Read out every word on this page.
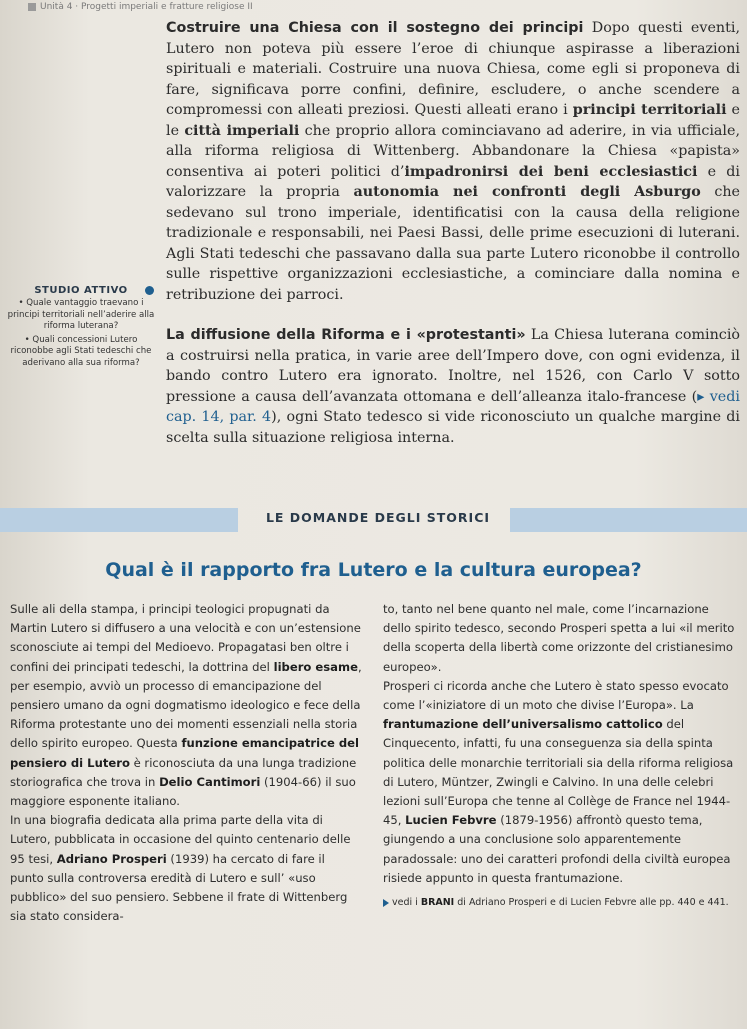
Unità 4 · Progetti imperiali e fratture religiose II

Costruire una Chiesa con il sostegno dei principi Dopo questi eventi, Lutero non poteva più essere l’eroe di chiunque aspirasse a liberazioni spirituali e materiali. Costruire una nuova Chiesa, come egli si proponeva di fare, significava porre confini, definire, escludere, o anche scendere a compromessi con alleati preziosi. Questi alleati erano i principi territoriali e le città imperiali che proprio allora cominciavano ad aderire, in via ufficiale, alla riforma religiosa di Wittenberg. Abbandonare la Chiesa «papista» consentiva ai poteri politici d’impadronirsi dei beni ecclesiastici e di valorizzare la propria autonomia nei confronti degli Asburgo che sedevano sul trono imperiale, identificatisi con la causa della religione tradizionale e responsabili, nei Paesi Bassi, delle prime esecuzioni di luterani. Agli Stati tedeschi che passavano dalla sua parte Lutero riconobbe il controllo sulle rispettive organizzazioni ecclesiastiche, a cominciare dalla nomina e retribuzione dei parroci.

La diffusione della Riforma e i «protestanti» La Chiesa luterana cominciò a costruirsi nella pratica, in varie aree dell’Impero dove, con ogni evidenza, il bando contro Lutero era ignorato. Inoltre, nel 1526, con Carlo V sotto pressione a causa dell’avanzata ottomana e dell’alleanza italo-francese (▸ vedi cap. 14, par. 4), ogni Stato tedesco si vide riconosciuto un qualche margine di scelta sulla situazione religiosa interna.

STUDIO ATTIVO
• Quale vantaggio traevano i principi territoriali nell’aderire alla riforma luterana?
• Quali concessioni Lutero riconobbe agli Stati tedeschi che aderivano alla sua riforma?
LE DOMANDE DEGLI STORICI
Qual è il rapporto fra Lutero e la cultura europea?

Sulle ali della stampa, i principi teologici propugnati da Martin Lutero si diffusero a una velocità e con un’estensione sconosciute ai tempi del Medioevo. Propagatasi ben oltre i confini dei principati tedeschi, la dottrina del libero esame, per esempio, avviò un processo di emancipazione del pensiero umano da ogni dogmatismo ideologico e fece della Riforma protestante uno dei momenti essenziali nella storia dello spirito europeo. Questa funzione emancipatrice del pensiero di Lutero è riconosciuta da una lunga tradizione storiografica che trova in Delio Cantimori (1904-66) il suo maggiore esponente italiano.

In una biografia dedicata alla prima parte della vita di Lutero, pubblicata in occasione del quinto centenario delle 95 tesi, Adriano Prosperi (1939) ha cercato di fare il punto sulla controversa eredità di Lutero e sull’ «uso pubblico» del suo pensiero. Sebbene il frate di Wittenberg sia stato considera-

to, tanto nel bene quanto nel male, come l’incarnazione dello spirito tedesco, secondo Prosperi spetta a lui «il merito della scoperta della libertà come orizzonte del cristianesimo europeo».

Prosperi ci ricorda anche che Lutero è stato spesso evocato come l’«iniziatore di un moto che divise l’Europa». La frantumazione dell’universalismo cattolico del Cinquecento, infatti, fu una conseguenza sia della spinta politica delle monarchie territoriali sia della riforma religiosa di Lutero, Müntzer, Zwingli e Calvino. In una delle celebri lezioni sull’Europa che tenne al Collège de France nel 1944-45, Lucien Febvre (1879-1956) affrontò questo tema, giungendo a una conclusione solo apparentemente paradossale: uno dei caratteri profondi della civiltà europea risiede appunto in questa frantumazione.

vedi i BRANI di Adriano Prosperi e di Lucien Febvre alle pp. 440 e 441.
